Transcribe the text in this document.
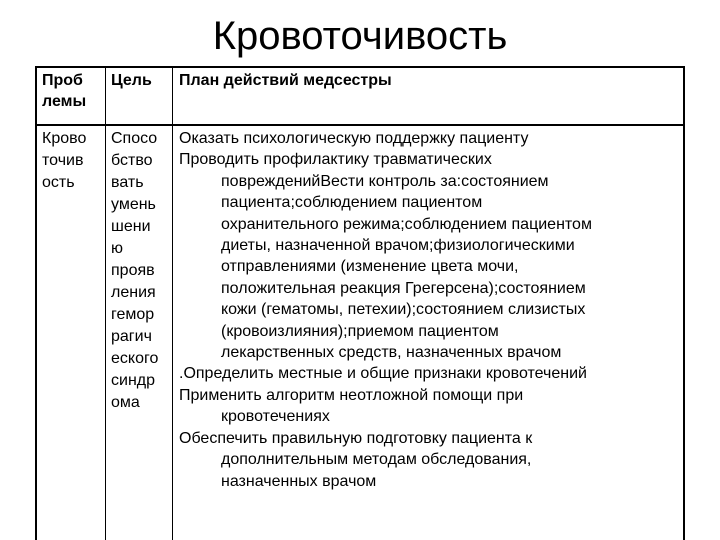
Кровоточивость
Проб
лемы
Цель План действий медсестры
Крово
точив
ость
Спосо
бство
вать
умень
шени
ю
прояв
ления
гемор
рагич
еского
синдр
ома

Оказать психологическую поддержку пациенту

Проводить профилактику травматических

поврежденийВести контроль за:состоянием

пациента;соблюдением пациентом

охранительного режима;соблюдением пациентом

диеты, назначенной врачом;физиологическими

отправлениями (изменение цвета мочи,

положительная реакция Грегерсена);состоянием

кожи (гематомы, петехии);состоянием слизистых

(кровоизлияния);приемом пациентом

лекарственных средств, назначенных врачом

.Определить местные и общие признаки кровотечений

Применить алгоритм неотложной помощи при

кровотечениях

Обеспечить правильную подготовку пациента к

дополнительным методам обследования,

назначенных врачом
